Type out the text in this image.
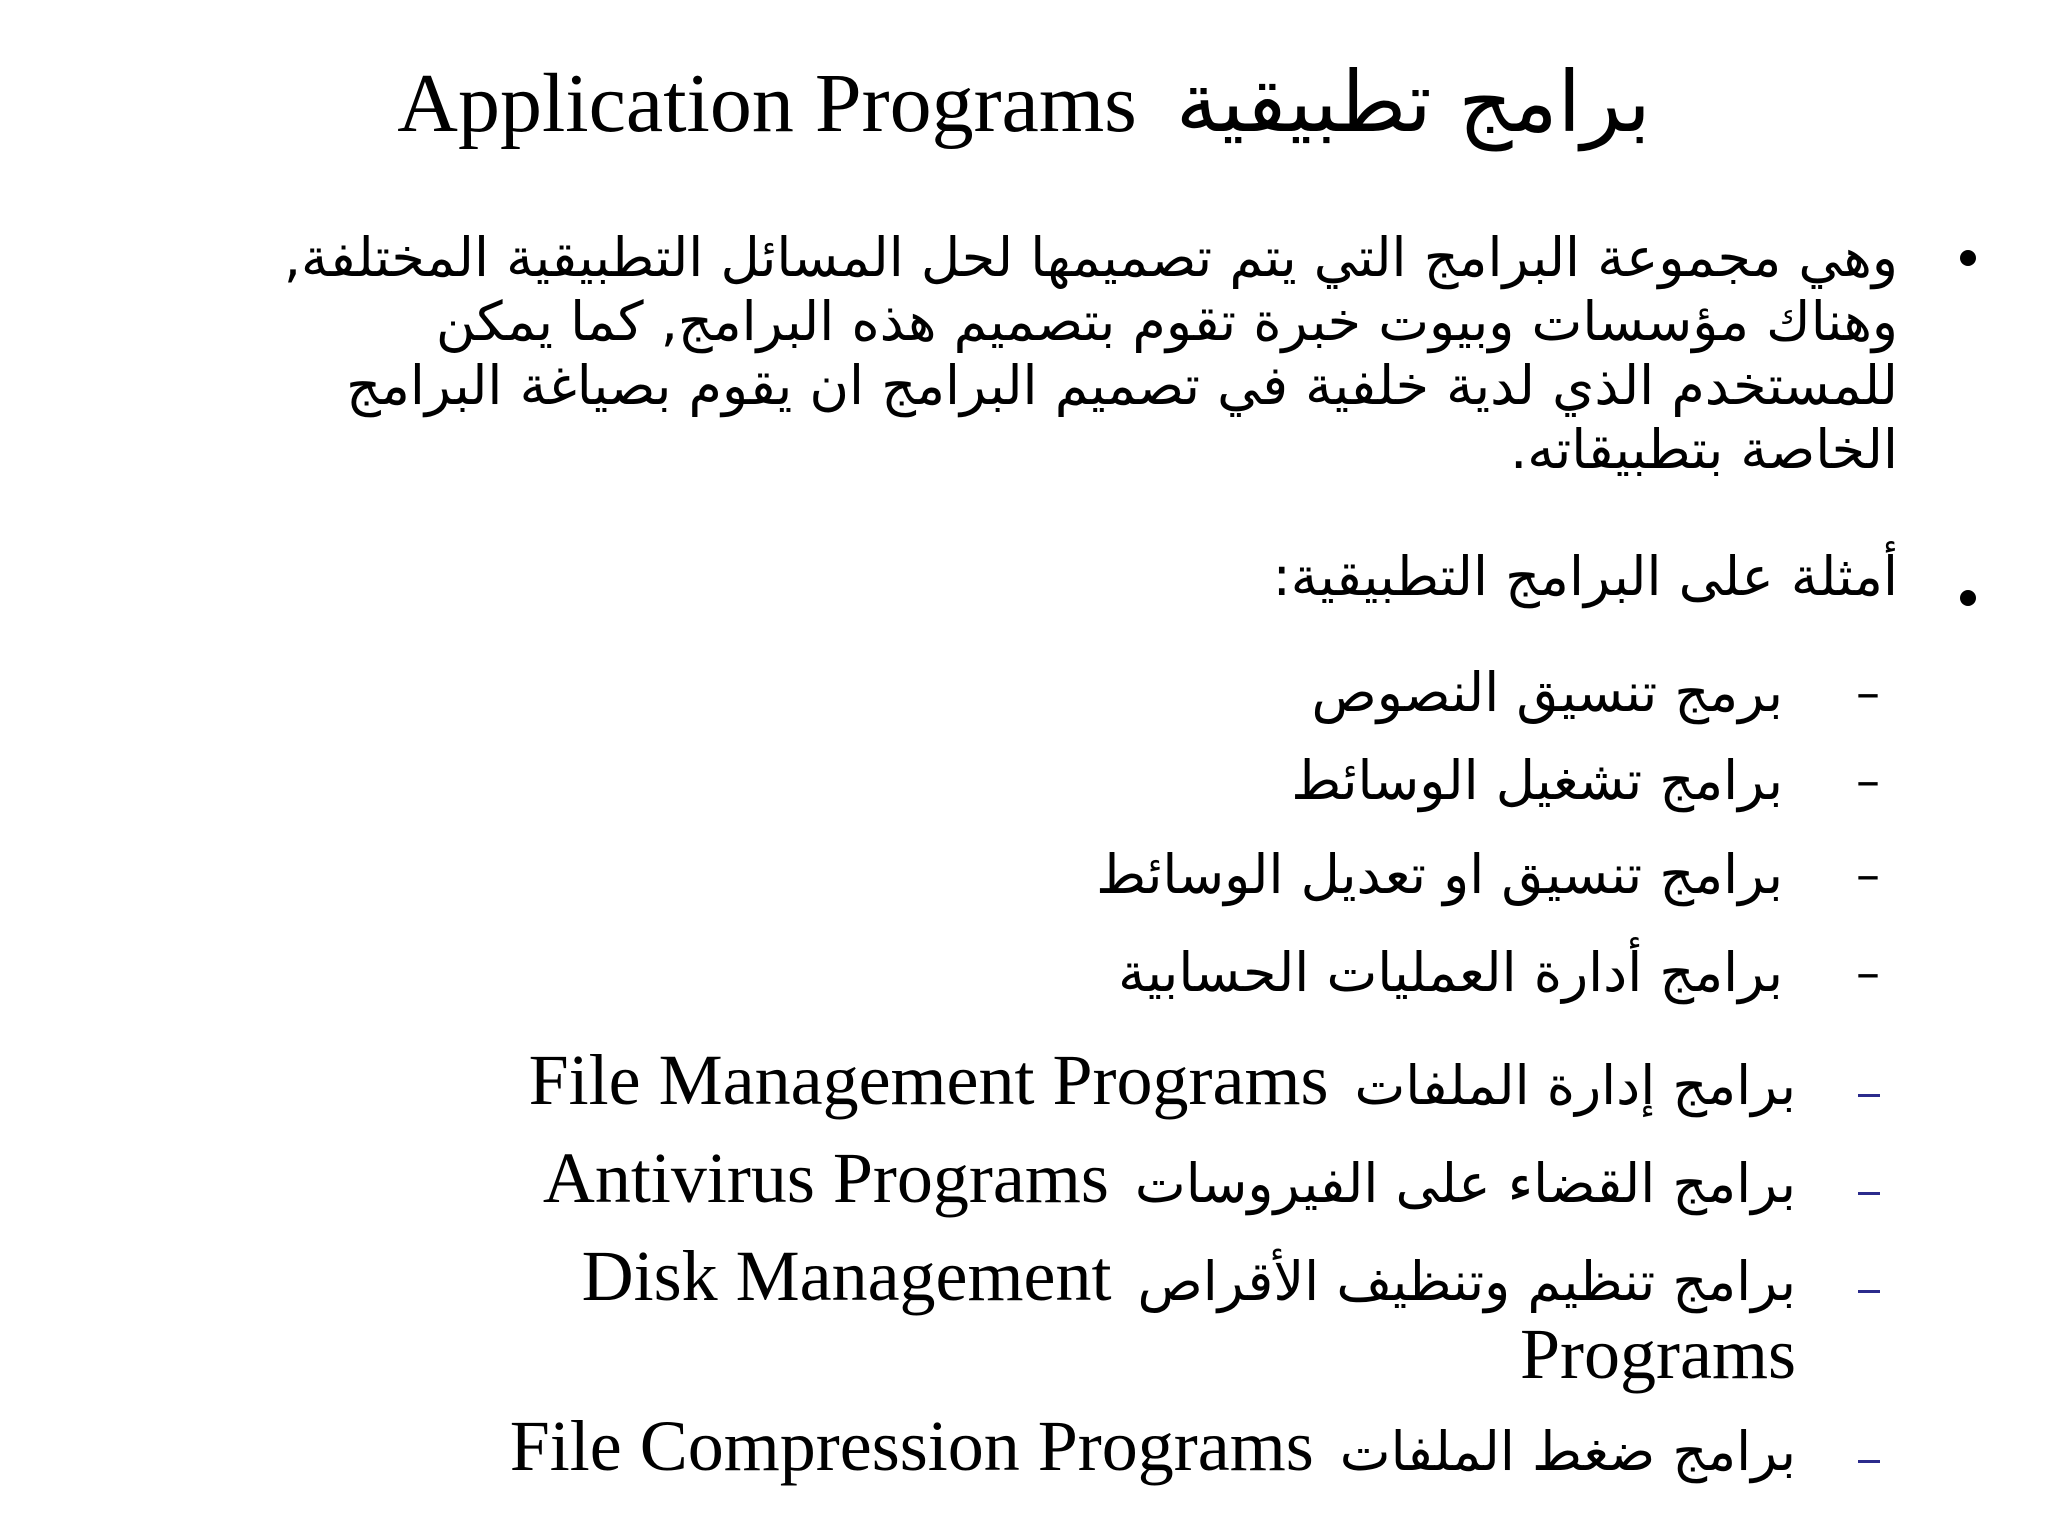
Application Programs برامج تطبيقية
وهي مجموعة البرامج التي يتم تصميمها لحل المسائل التطبيقية المختلفة,
وهناك مؤسسات وبيوت خبرة تقوم بتصميم هذه البرامج, كما يمكن
للمستخدم الذي لدية خلفية في تصميم البرامج ان يقوم بصياغة البرامج
الخاصة بتطبيقاته.
أمثلة على البرامج التطبيقية:
–
برمج تنسيق النصوص
–
برامج تشغيل الوسائط
–
برامج تنسيق او تعديل الوسائط
–
برامج أدارة العمليات الحسابية
برامج إدارة الملفات File Management Programs
برامج القضاء على الفيروسات Antivirus Programs
برامج تنظيم وتنظيف الأقراص Disk Management
Programs
برامج ضغط الملفات File Compression Programs
